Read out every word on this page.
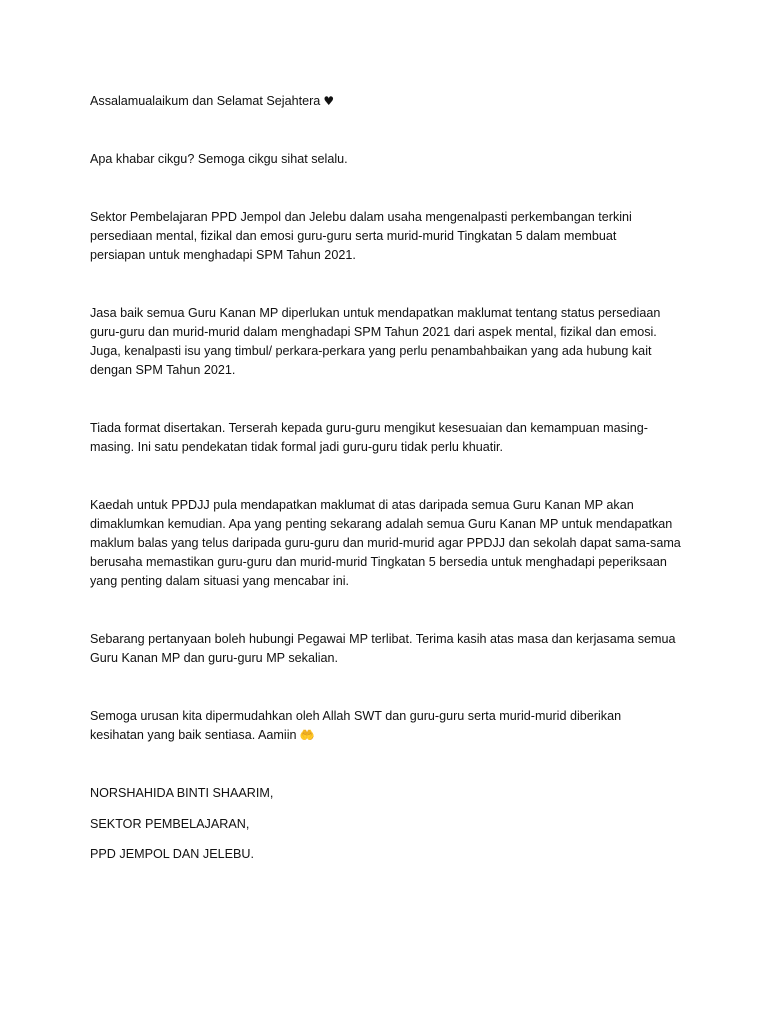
Assalamualaikum dan Selamat Sejahtera ♥

Apa khabar cikgu? Semoga cikgu sihat selalu.

Sektor Pembelajaran PPD Jempol dan Jelebu dalam usaha mengenalpasti perkembangan terkini
persediaan mental, fizikal dan emosi guru-guru serta murid-murid Tingkatan 5 dalam membuat
persiapan untuk menghadapi SPM Tahun 2021.

Jasa baik semua Guru Kanan MP diperlukan untuk mendapatkan maklumat tentang status persediaan
guru-guru dan murid-murid dalam menghadapi SPM Tahun 2021 dari aspek mental, fizikal dan emosi.
Juga, kenalpasti isu yang timbul/ perkara-perkara yang perlu penambahbaikan yang ada hubung kait
dengan SPM Tahun 2021.

Tiada format disertakan. Terserah kepada guru-guru mengikut kesesuaian dan kemampuan masing-
masing. Ini satu pendekatan tidak formal jadi guru-guru tidak perlu khuatir.

Kaedah untuk PPDJJ pula mendapatkan maklumat di atas daripada semua Guru Kanan MP akan
dimaklumkan kemudian. Apa yang penting sekarang adalah semua Guru Kanan MP untuk mendapatkan
maklum balas yang telus daripada guru-guru dan murid-murid agar PPDJJ dan sekolah dapat sama-sama
berusaha memastikan guru-guru dan murid-murid Tingkatan 5 bersedia untuk menghadapi peperiksaan
yang penting dalam situasi yang mencabar ini.

Sebarang pertanyaan boleh hubungi Pegawai MP terlibat. Terima kasih atas masa dan kerjasama semua
Guru Kanan MP dan guru-guru MP sekalian.

Semoga urusan kita dipermudahkan oleh Allah SWT dan guru-guru serta murid-murid diberikan
kesihatan yang baik sentiasa. Aamiin 🤲

NORSHAHIDA BINTI SHAARIM,

SEKTOR PEMBELAJARAN,

PPD JEMPOL DAN JELEBU.
